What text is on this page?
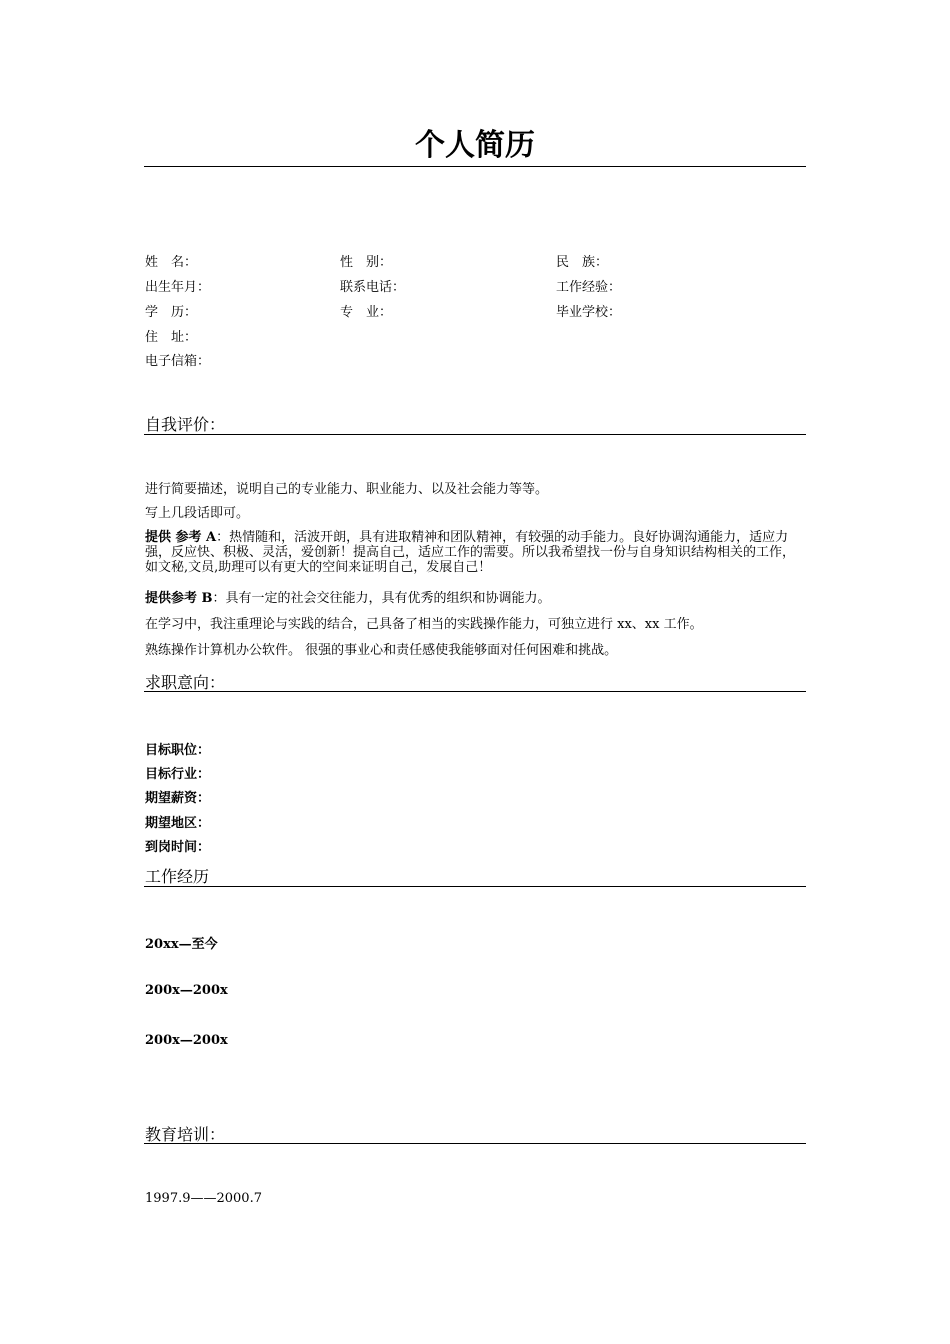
个人简历
姓　名：	性　别：	民　族：
出生年月：	联系电话：	工作经验：
学　历：	专　业：	毕业学校：
住　址：
电子信箱：
自我评价：
进行简要描述，说明自己的专业能力、职业能力、以及社会能力等等。
写上几段话即可。
提供 参考 A：热情随和，活波开朗，具有进取精神和团队精神，有较强的动手能力。良好协调沟通能力，适应力强，反应快、积极、灵活，爱创新！提高自己，适应工作的需要。所以我希望找一份与自身知识结构相关的工作，如文秘,文员,助理可以有更大的空间来证明自己，发展自己！
提供参考 B：具有一定的社会交往能力，具有优秀的组织和协调能力。
在学习中，我注重理论与实践的结合，己具备了相当的实践操作能力，可独立进行 xx、xx 工作。
熟练操作计算机办公软件。 很强的事业心和责任感使我能够面对任何困难和挑战。
求职意向：
目标职位：
目标行业：
期望薪资：
期望地区：
到岗时间：
工作经历
20xx—至今
200x—200x
200x—200x
教育培训：
1997.9——2000.7
